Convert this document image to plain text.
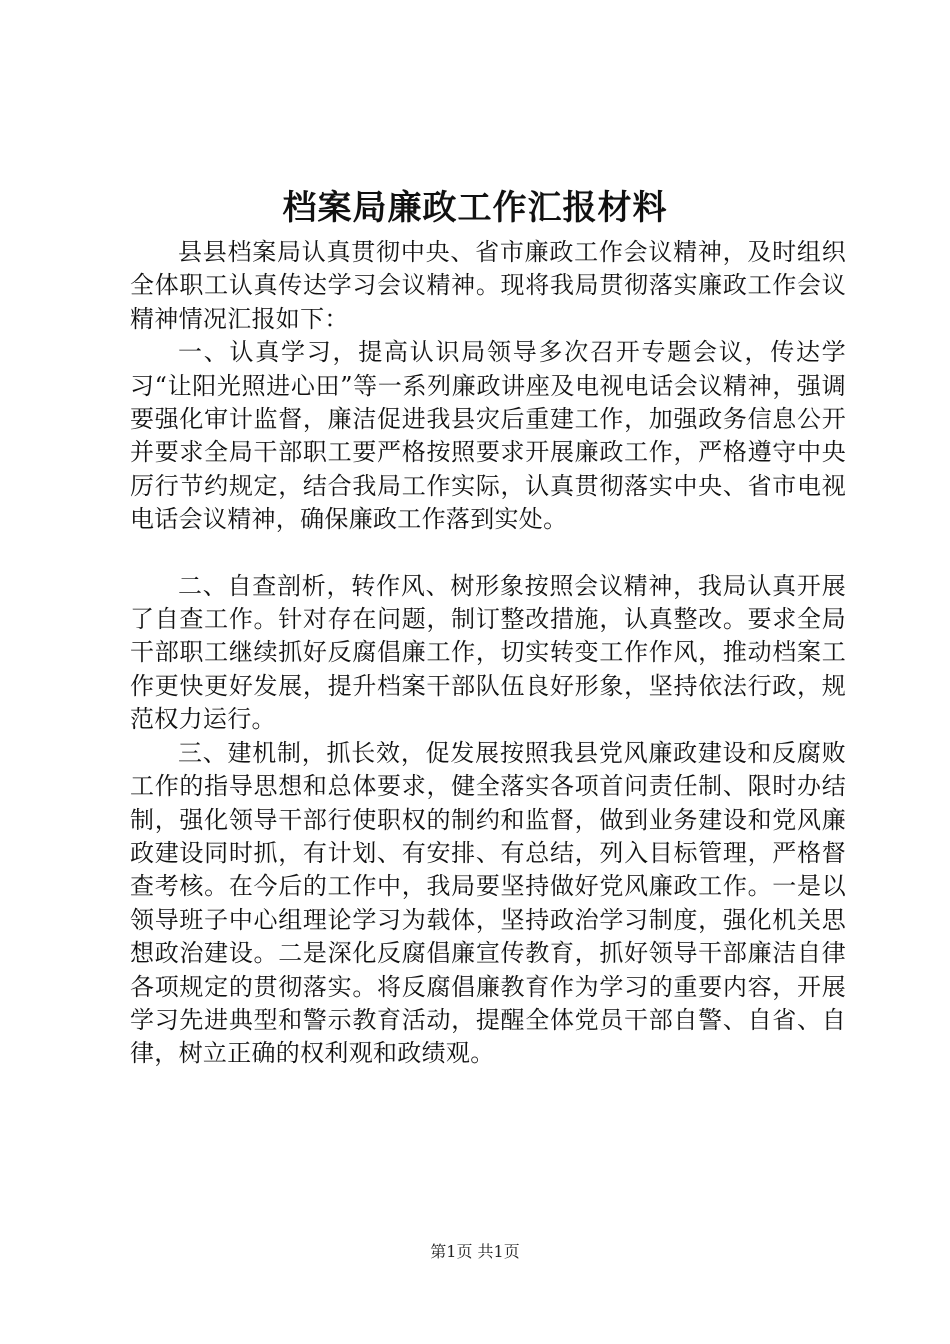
档案局廉政工作汇报材料

县县档案局认真贯彻中央、省市廉政工作会议精神，及时组织全体职工认真传达学习会议精神。现将我局贯彻落实廉政工作会议精神情况汇报如下：

一、认真学习，提高认识局领导多次召开专题会议，传达学习“让阳光照进心田”等一系列廉政讲座及电视电话会议精神，强调要强化审计监督，廉洁促进我县灾后重建工作，加强政务信息公开并要求全局干部职工要严格按照要求开展廉政工作，严格遵守中央厉行节约规定，结合我局工作实际，认真贯彻落实中央、省市电视电话会议精神，确保廉政工作落到实处。

二、自查剖析，转作风、树形象按照会议精神，我局认真开展了自查工作。针对存在问题，制订整改措施，认真整改。要求全局干部职工继续抓好反腐倡廉工作，切实转变工作作风，推动档案工作更快更好发展，提升档案干部队伍良好形象，坚持依法行政，规范权力运行。

三、建机制，抓长效，促发展按照我县党风廉政建设和反腐败工作的指导思想和总体要求，健全落实各项首问责任制、限时办结制，强化领导干部行使职权的制约和监督，做到业务建设和党风廉政建设同时抓，有计划、有安排、有总结，列入目标管理，严格督查考核。在今后的工作中，我局要坚持做好党风廉政工作。一是以领导班子中心组理论学习为载体，坚持政治学习制度，强化机关思想政治建设。二是深化反腐倡廉宣传教育，抓好领导干部廉洁自律各项规定的贯彻落实。将反腐倡廉教育作为学习的重要内容，开展学习先进典型和警示教育活动，提醒全体党员干部自警、自省、自律，树立正确的权利观和政绩观。

第1页 共1页
